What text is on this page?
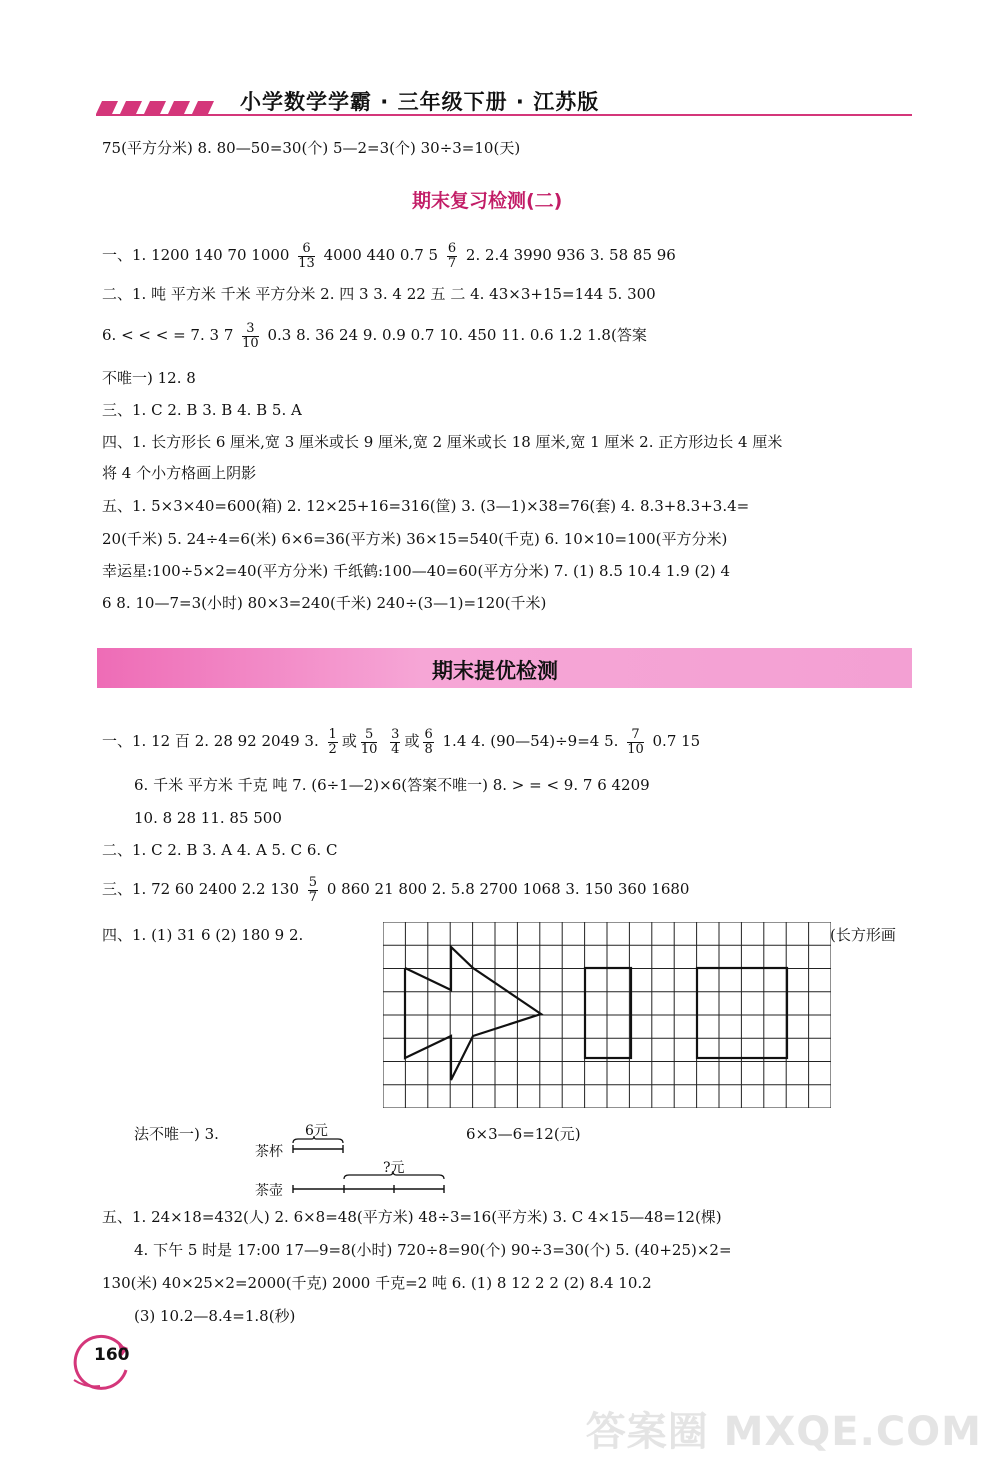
小学数学学霸 · 三年级下册 · 江苏版
75(平方分米) 8. 80—50=30(个) 5—2=3(个) 30÷3=10(天)
期末复习检测(二)
一、1. 1200 140 70 $1000 \frac{6}{13} 4000$ 440 0.7 $5 \frac{6}{7} 2$. 2.4 3990 936 3. 58 85 96
二、1. 吨 平方米 千米 平方分米 2. 四 3 3. 4 22 五 二 4. 43×3+15=144 5. 300
6. < < < = 7. 3 $7 \frac{3}{10} 0.3$ 8. 36 24 9. 0.9 0.7 10. 450 11. 0.6 1.2 1.8(答案
不唯一) 12. 8
三、1. C 2. B 3. B 4. B 5. A
四、1. 长方形长 6 厘米,宽 3 厘米或长 9 厘米,宽 2 厘米或长 18 厘米,宽 1 厘米 2. 正方形边长 4 厘米
将 4 个小方格画上阴影
五、1. 5×3×40=600(箱) 2. 12×25+16=316(筐) 3. (3—1)×38=76(套) 4. 8.3+8.3+3.4=
20(千米) 5. 24÷4=6(米) 6×6=36(平方米) 36×15=540(千克) 6. 10×10=100(平方分米)
幸运星:100÷5×2=40(平方分米) 千纸鹤:100—40=60(平方分米) 7. (1) 8.5 10.4 1.9 (2) 4
6 8. 10—7=3(小时) 80×3=240(千米) 240÷(3—1)=120(千米)
期末提优检测
一、1. 12 百 2. 28 92 2049 3. $\frac{1}{2}$ 或 $\frac{5}{10}$
$\frac{3}{4}$ 或 $\frac{6}{8} 1.4$ 4. (90—54)÷9=4 5. $\frac{7}{10} 0.7$ 15
6. 千米 平方米 千克 吨 7. (6÷1—2)×6(答案不唯一) 8. > = < 9. 7 6 4209
10. 8 28 11. 85 500
二、1. C 2. B 3. A 4. A 5. C 6. C
三、1. 72 60 2400 2.2 $130 \frac{5}{7} 0$ 860 21 800 2. 5.8 2700 1068 3. 150 360 1680
四、1. (1) 31 6 (2) 180 9 2.	(长方形画
法不唯一) 3.
茶杯
茶壶
6元
?元
6×3—6=12(元)
五、1. 24×18=432(人) 2. 6×8=48(平方米) 48÷3=16(平方米) 3. C 4×15—48=12(棵)
4. 下午 5 时是 17:00 17—9=8(小时) 720÷8=90(个) 90÷3=30(个) 5. (40+25)×2=
130(米) 40×25×2=2000(千克) 2000 千克=2 吨 6. (1) 8 12 2 2 (2) 8.4 10.2
(3) 10.2—8.4=1.8(秒)
160
答案圈 MXQE.COM
